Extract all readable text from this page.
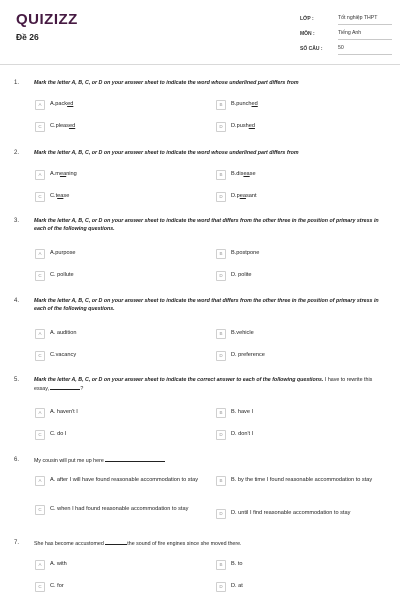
QUIZIZZ
Đề 26
LỚP :	Tốt nghiệp THPT
MÔN :	Tiếng Anh
SỐ CÂU :	50
1.	Mark the letter A, B, C, or D on your answer sheet to indicate the word whose underlined part differs from
A	A.packed	B	B.punched
C	C.pleased	D	D.pushed
2.	Mark the letter A, B, C, or D on your answer sheet to indicate the word whose underlined part differs from
A	A.meaning	B	B.disease
C	C.tease	D	D.peasant
3.	Mark the letter A, B, C, or D on your answer sheet to indicate the word that differs from the other three in the position of primary stress in each of the following questions.
A	A.purpose	B	B.postpone
C	C. pollute	D	D. polite
4.	Mark the letter A, B, C, or D on your answer sheet to indicate the word that differs from the other three in the position of primary stress in each of the following questions.
A	A. audition	B	B.vehicle
C	C.vacancy	D	D. preference
5.	Mark the letter A, B, C, or D on your answer sheet to indicate the correct answer to each of the following questions. I have to rewrite this essay,	?
A	A. haven't I	B	B. have I
C	C. do I	D	D. don't I
6.	My cousin will put me up here
A	A. after I will have found reasonable accommodation to stay	B	B. by the time I found reasonable accommodation to stay
C	C. when I had found reasonable accommodation to stay
D	D. until I find reasonable accommodation to stay
7.	She has become accustomed	the sound of fire engines since she moved there.
A	A. with	B	B. to
C	C. for	D	D. at
